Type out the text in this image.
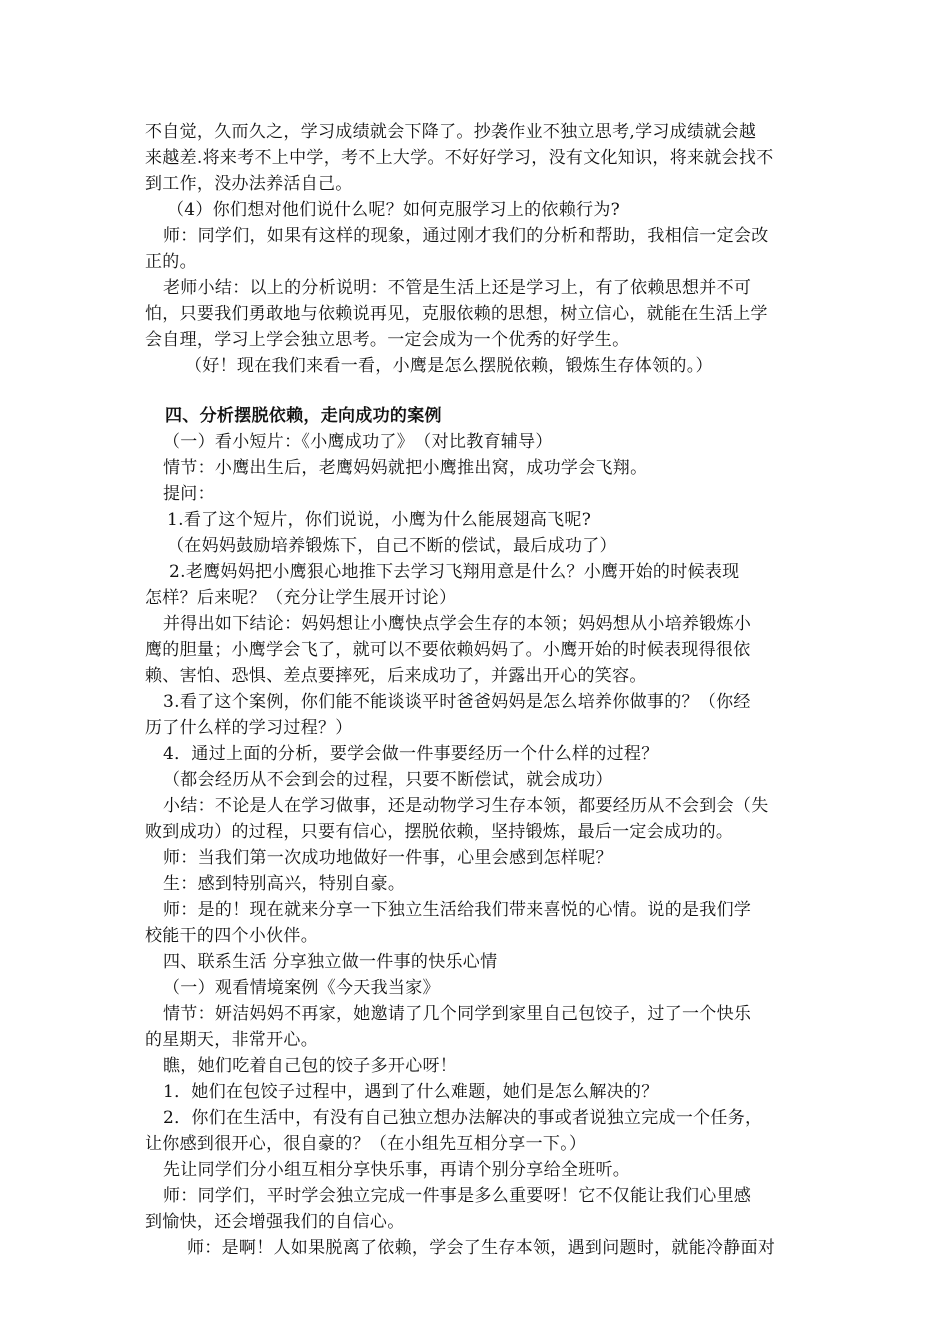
不自觉，久而久之，学习成绩就会下降了。抄袭作业不独立思考,学习成绩就会越
来越差.将来考不上中学，考不上大学。不好好学习，没有文化知识，将来就会找不
到工作，没办法养活自己。
（4）你们想对他们说什么呢？如何克服学习上的依赖行为?
师：同学们，如果有这样的现象，通过刚才我们的分析和帮助，我相信一定会改
正的。
老师小结：以上的分析说明：不管是生活上还是学习上，有了依赖思想并不可
怕，只要我们勇敢地与依赖说再见，克服依赖的思想，树立信心，就能在生活上学
会自理，学习上学会独立思考。一定会成为一个优秀的好学生。
（好！现在我们来看一看，小鹰是怎么摆脱依赖，锻炼生存体领的。）
四、分析摆脱依赖，走向成功的案例
（一）看小短片：《小鹰成功了》　（对比教育辅导）
情节：小鹰出生后，老鹰妈妈就把小鹰推出窝，成功学会飞翔。
提问：
1.看了这个短片，你们说说，小鹰为什么能展翅高飞呢?
（在妈妈鼓励培养锻炼下，自己不断的偿试，最后成功了）
2.老鹰妈妈把小鹰狠心地推下去学习飞翔用意是什么？小鹰开始的时候表现
怎样？后来呢？（充分让学生展开讨论）
并得出如下结论：妈妈想让小鹰快点学会生存的本领；妈妈想从小培养锻炼小
鹰的胆量；小鹰学会飞了，就可以不要依赖妈妈了。小鹰开始的时候表现得很依
赖、害怕、恐惧、差点要摔死，后来成功了，并露出开心的笑容。
3.看了这个案例，你们能不能谈谈平时爸爸妈妈是怎么培养你做事的？（你经
历了什么样的学习过程？）
4．通过上面的分析，要学会做一件事要经历一个什么样的过程？
（都会经历从不会到会的过程，只要不断偿试，就会成功）
小结：不论是人在学习做事，还是动物学习生存本领，都要经历从不会到会（失
败到成功）的过程，只要有信心，摆脱依赖，坚持锻炼，最后一定会成功的。
师：当我们第一次成功地做好一件事，心里会感到怎样呢？
生：感到特别高兴，特别自豪。
师：是的！现在就来分享一下独立生活给我们带来喜悦的心情。说的是我们学
校能干的四个小伙伴。
四、联系生活 分享独立做一件事的快乐心情
（一）观看情境案例《今天我当家》
情节：妍洁妈妈不再家，她邀请了几个同学到家里自己包饺子，过了一个快乐
的星期天，非常开心。
瞧，她们吃着自己包的饺子多开心呀！
1．她们在包饺子过程中，遇到了什么难题，她们是怎么解决的？
2．你们在生活中，有没有自己独立想办法解决的事或者说独立完成一个任务，
让你感到很开心，很自豪的？（在小组先互相分享一下。）
先让同学们分小组互相分享快乐事，再请个别分享给全班听。
师：同学们，平时学会独立完成一件事是多么重要呀！它不仅能让我们心里感
到愉快，还会增强我们的自信心。
师：是啊！人如果脱离了依赖，学会了生存本领，遇到问题时，就能冷静面对
